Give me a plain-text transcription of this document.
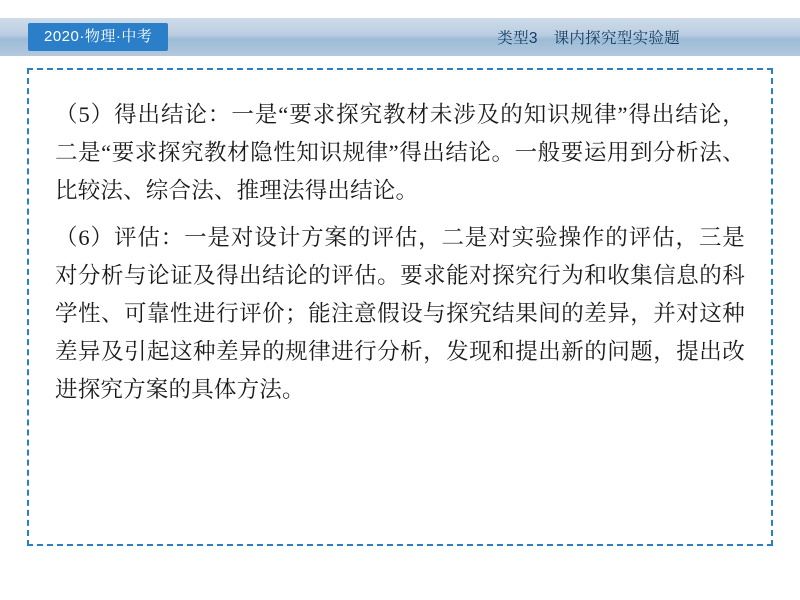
2020·物理·中考	类型3　课内探究型实验题

（5）得出结论：一是“要求探究教材未涉及的知识规律”得出结论，二是“要求探究教材隐性知识规律”得出结论。一般要运用到分析法、比较法、综合法、推理法得出结论。

（6）评估：一是对设计方案的评估，二是对实验操作的评估，三是对分析与论证及得出结论的评估。要求能对探究行为和收集信息的科学性、可靠性进行评价；能注意假设与探究结果间的差异，并对这种差异及引起这种差异的规律进行分析，发现和提出新的问题，提出改进探究方案的具体方法。
